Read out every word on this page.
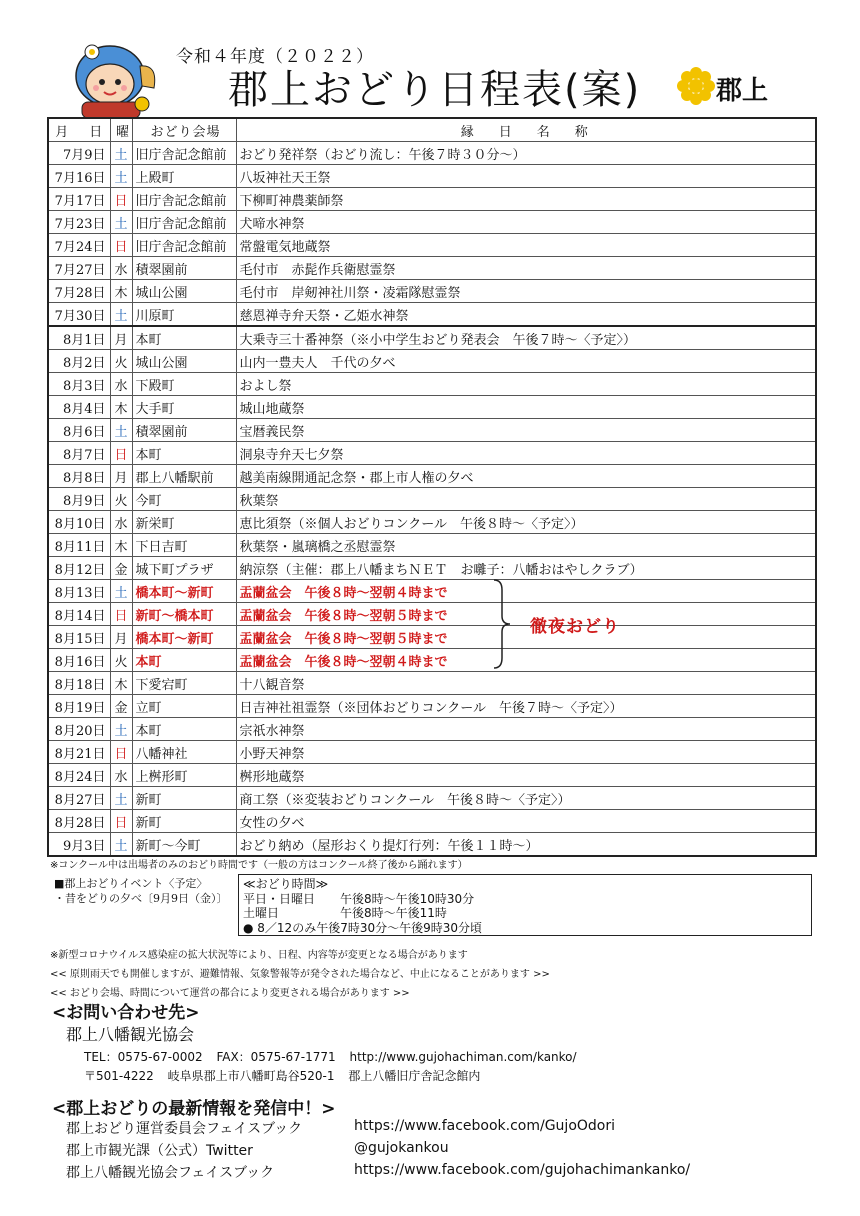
令和４年度（２０２２）
郡上おどり日程表(案)	郡上
月　日	曜	おどり会場	縁　日　名　称
7月9日	土	旧庁舎記念館前	おどり発祥祭（おどり流し：午後７時３０分～）
7月16日	土	上殿町	八坂神社天王祭
7月17日	日	旧庁舎記念館前	下柳町神農薬師祭
7月23日	土	旧庁舎記念館前	犬啼水神祭
7月24日	日	旧庁舎記念館前	常盤電気地蔵祭
7月27日	水	積翠園前	毛付市　赤髭作兵衛慰霊祭
7月28日	木	城山公園	毛付市　岸剱神社川祭・凌霜隊慰霊祭
7月30日	土	川原町	慈恩禅寺弁天祭・乙姫水神祭
8月1日	月	本町	大乗寺三十番神祭（※小中学生おどり発表会　午後７時～〈予定〉）
8月2日	火	城山公園	山内一豊夫人　千代の夕べ
8月3日	水	下殿町	およし祭
8月4日	木	大手町	城山地蔵祭
8月6日	土	積翠園前	宝暦義民祭
8月7日	日	本町	洞泉寺弁天七夕祭
8月8日	月	郡上八幡駅前	越美南線開通記念祭・郡上市人権の夕べ
8月9日	火	今町	秋葉祭
8月10日	水	新栄町	恵比須祭（※個人おどりコンクール　午後８時～〈予定〉）
8月11日	木	下日吉町	秋葉祭・嵐璃橋之丞慰霊祭
8月12日	金	城下町プラザ	納涼祭（主催：郡上八幡まちＮＥＴ　お囃子：八幡おはやしクラブ）
8月13日	土	橋本町～新町	盂蘭盆会　午後８時～翌朝４時まで
8月14日	日	新町～橋本町	盂蘭盆会　午後８時～翌朝５時まで
8月15日	月	橋本町～新町	盂蘭盆会　午後８時～翌朝５時まで
8月16日	火	本町	盂蘭盆会　午後８時～翌朝４時まで
8月18日	木	下愛宕町	十八観音祭
8月19日	金	立町	日吉神社祖霊祭（※団体おどりコンクール　午後７時～〈予定〉）
8月20日	土	本町	宗祇水神祭
8月21日	日	八幡神社	小野天神祭
8月24日	水	上桝形町	桝形地蔵祭
8月27日	土	新町	商工祭（※変装おどりコンクール　午後８時～〈予定〉）
8月28日	日	新町	女性の夕べ
9月3日	土	新町～今町	おどり納め（屋形おくり提灯行列：午後１１時～）
徹夜おどり
※コンクール中は出場者のみのおどり時間です（一般の方はコンクール終了後から踊れます）
■郡上おどりイベント〈予定〉
・昔をどりの夕べ〔9月9日（金）〕
≪おどり時間≫
平日・日曜日 午後8時～午後10時30分
土曜日	午後8時～午後11時
● 8／12のみ午後7時30分～午後9時30分頃
※新型コロナウイルス感染症の拡大状況等により、日程、内容等が変更となる場合があります
<< 原則雨天でも開催しますが、避難情報、気象警報等が発令された場合など、中止になることがあります >>
<< おどり会場、時間について運営の都合により変更される場合があります >>
<お問い合わせ先>
郡上八幡観光協会
TEL：0575-67-0002 FAX：0575-67-1771 http://www.gujohachiman.com/kanko/
〒501-4222 岐阜県郡上市八幡町島谷520-1 郡上八幡旧庁舎記念館内
<郡上おどりの最新情報を発信中！>
郡上おどり運営委員会フェイスブック	https://www.facebook.com/GujoOdori
郡上市観光課（公式）Twitter	@gujokankou
郡上八幡観光協会フェイスブック	https://www.facebook.com/gujohachimankanko/
